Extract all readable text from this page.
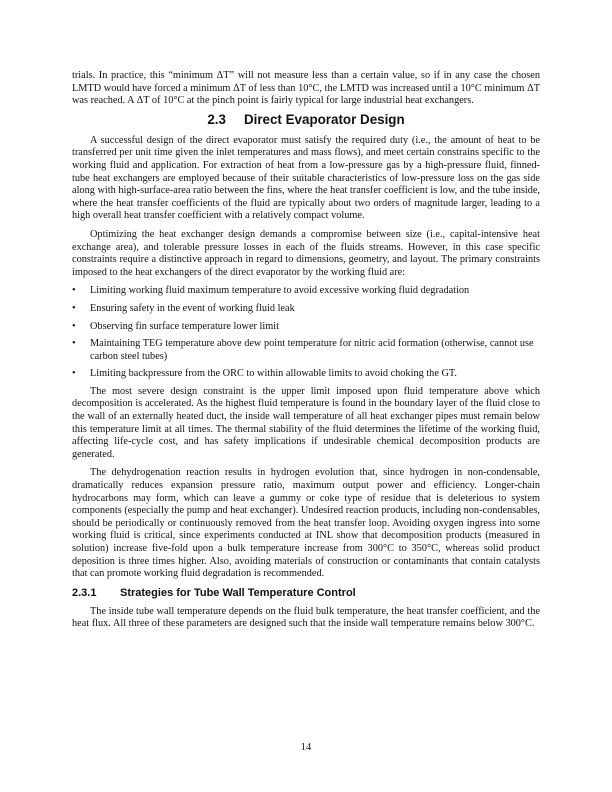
trials. In practice, this “minimum ΔT” will not measure less than a certain value, so if in any case the chosen LMTD would have forced a minimum ΔT of less than 10°C, the LMTD was increased until a 10°C minimum ΔT was reached. A ΔT of 10°C at the pinch point is fairly typical for large industrial heat exchangers.

2.3 Direct Evaporator Design

A successful design of the direct evaporator must satisfy the required duty (i.e., the amount of heat to be transferred per unit time given the inlet temperatures and mass flows), and meet certain constrains specific to the working fluid and application. For extraction of heat from a low-pressure gas by a high-pressure fluid, finned-tube heat exchangers are employed because of their suitable characteristics of low-pressure loss on the gas side along with high-surface-area ratio between the fins, where the heat transfer coefficient is low, and the tube inside, where the heat transfer coefficients of the fluid are typically about two orders of magnitude larger, leading to a high overall heat transfer coefficient with a relatively compact volume.

Optimizing the heat exchanger design demands a compromise between size (i.e., capital-intensive heat exchange area), and tolerable pressure losses in each of the fluids streams. However, in this case specific constraints require a distinctive approach in regard to dimensions, geometry, and layout. The primary constraints imposed to the heat exchangers of the direct evaporator by the working fluid are:

• Limiting working fluid maximum temperature to avoid excessive working fluid degradation
• Ensuring safety in the event of working fluid leak
• Observing fin surface temperature lower limit
• Maintaining TEG temperature above dew point temperature for nitric acid formation (otherwise, cannot use carbon steel tubes)
• Limiting backpressure from the ORC to within allowable limits to avoid choking the GT.

The most severe design constraint is the upper limit imposed upon fluid temperature above which decomposition is accelerated. As the highest fluid temperature is found in the boundary layer of the fluid close to the wall of an externally heated duct, the inside wall temperature of all heat exchanger pipes must remain below this temperature limit at all times. The thermal stability of the fluid determines the lifetime of the working fluid, affecting life-cycle cost, and has safety implications if undesirable chemical decomposition products are generated.

The dehydrogenation reaction results in hydrogen evolution that, since hydrogen in non-condensable, dramatically reduces expansion pressure ratio, maximum output power and efficiency. Longer-chain hydrocarbons may form, which can leave a gummy or coke type of residue that is deleterious to system components (especially the pump and heat exchanger). Undesired reaction products, including non-condensables, should be periodically or continuously removed from the heat transfer loop. Avoiding oxygen ingress into some working fluid is critical, since experiments conducted at INL show that decomposition products (measured in solution) increase five-fold upon a bulk temperature increase from 300°C to 350°C, whereas solid product deposition is three times higher. Also, avoiding materials of construction or contaminants that contain catalysts that can promote working fluid degradation is recommended.

2.3.1 Strategies for Tube Wall Temperature Control

The inside tube wall temperature depends on the fluid bulk temperature, the heat transfer coefficient, and the heat flux. All three of these parameters are designed such that the inside wall temperature remains below 300°C.

14
